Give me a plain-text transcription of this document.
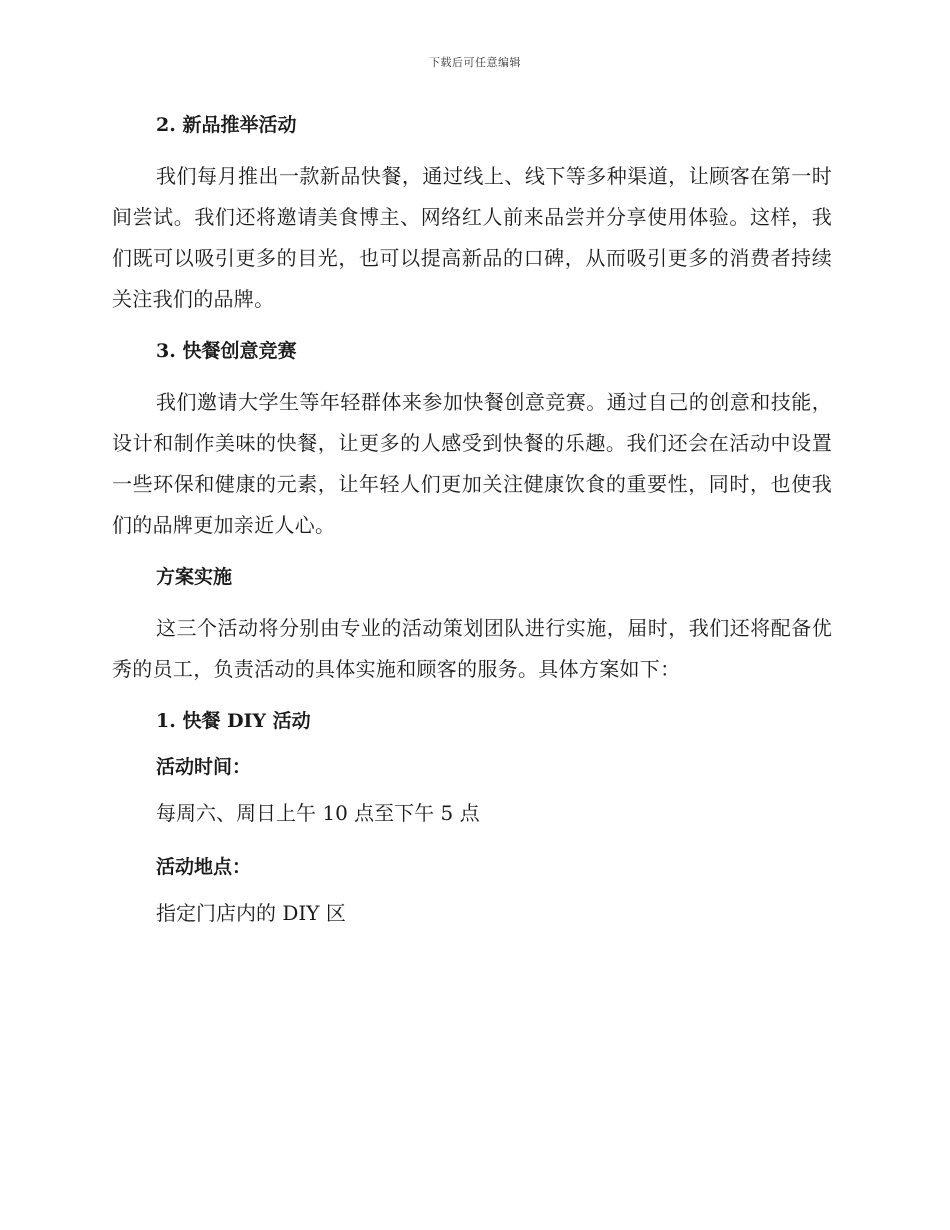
下载后可任意编辑
2. 新品推举活动

我们每月推出一款新品快餐，通过线上、线下等多种渠道，让顾客在第一时间尝试。我们还将邀请美食博主、网络红人前来品尝并分享使用体验。这样，我们既可以吸引更多的目光，也可以提高新品的口碑，从而吸引更多的消费者持续关注我们的品牌。

3. 快餐创意竞赛

我们邀请大学生等年轻群体来参加快餐创意竞赛。通过自己的创意和技能，设计和制作美味的快餐，让更多的人感受到快餐的乐趣。我们还会在活动中设置一些环保和健康的元素，让年轻人们更加关注健康饮食的重要性，同时，也使我们的品牌更加亲近人心。

方案实施

这三个活动将分别由专业的活动策划团队进行实施，届时，我们还将配备优秀的员工，负责活动的具体实施和顾客的服务。具体方案如下：

1. 快餐 DIY 活动
活动时间：
每周六、周日上午 10 点至下午 5 点
活动地点：
指定门店内的 DIY 区
